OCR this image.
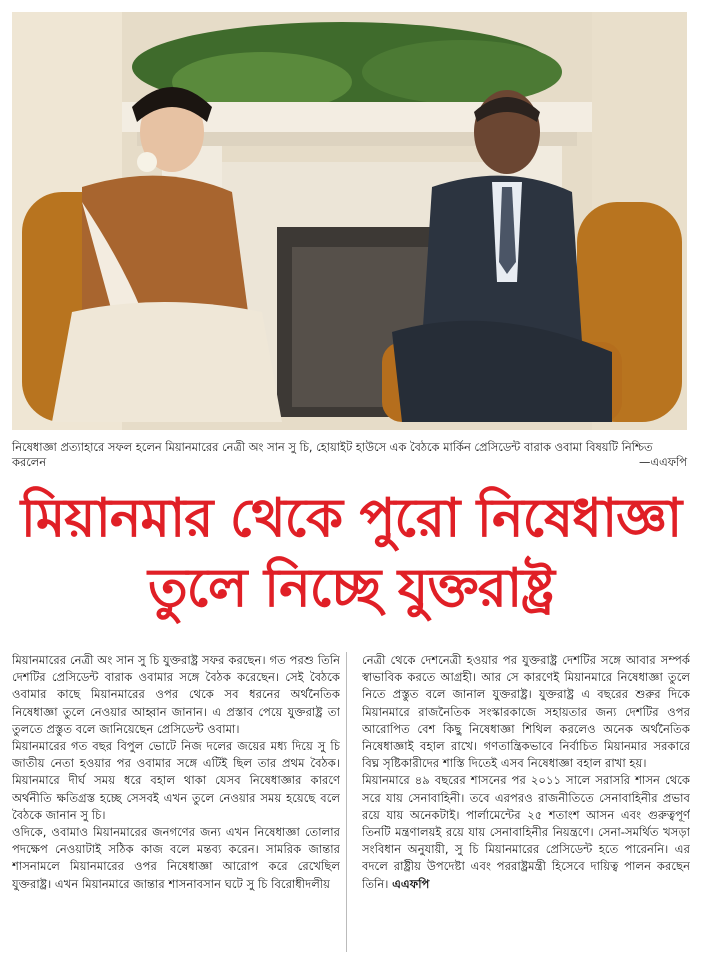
নিষেধাজ্ঞা প্রত্যাহারে সফল হলেন মিয়ানমারের নেত্রী অং সান সু চি, হোয়াইট হাউসে এক বৈঠকে মার্কিন প্রেসিডেন্ট বারাক ওবামা বিষয়টি নিশ্চিত করলেন	—এএফপি
মিয়ানমার থেকে পুরো নিষেধাজ্ঞা
তুলে নিচ্ছে যুক্তরাষ্ট্র

মিয়ানমারের নেত্রী অং সান সু চি যুক্তরাষ্ট্র সফর করছেন। গত পরশু তিনি দেশটির প্রেসিডেন্ট বারাক ওবামার সঙ্গে বৈঠক করেছেন। সেই বৈঠকে ওবামার কাছে মিয়ানমারের ওপর থেকে সব ধরনের অর্থনৈতিক নিষেধাজ্ঞা তুলে নেওয়ার আহ্বান জানান। এ প্রস্তাব পেয়ে যুক্তরাষ্ট্র তা তুলতে প্রস্তুত বলে জানিয়েছেন প্রেসিডেন্ট ওবামা।

মিয়ানমারের গত বছর বিপুল ভোটে নিজ দলের জয়ের মধ্য দিয়ে সু চি জাতীয় নেতা হওয়ার পর ওবামার সঙ্গে এটিই ছিল তার প্রথম বৈঠক। মিয়ানমারে দীর্ঘ সময় ধরে বহাল থাকা যেসব নিষেধাজ্ঞার কারণে অর্থনীতি ক্ষতিগ্রস্ত হচ্ছে সেসবই এখন তুলে নেওয়ার সময় হয়েছে বলে বৈঠকে জানান সু চি।

ওদিকে, ওবামাও মিয়ানমারের জনগণের জন্য এখন নিষেধাজ্ঞা তোলার পদক্ষেপ নেওয়াটাই সঠিক কাজ বলে মন্তব্য করেন। সামরিক জান্তার শাসনামলে মিয়ানমারের ওপর নিষেধাজ্ঞা আরোপ করে রেখেছিল যুক্তরাষ্ট্র। এখন মিয়ানমারে জান্তার শাসনাবসান ঘটে সু চি বিরোধীদলীয়

নেত্রী থেকে দেশনেত্রী হওয়ার পর যুক্তরাষ্ট্র দেশটির সঙ্গে আবার সম্পর্ক স্বাভাবিক করতে আগ্রহী। আর সে কারণেই মিয়ানমারে নিষেধাজ্ঞা তুলে নিতে প্রস্তুত বলে জানাল যুক্তরাষ্ট্র। যুক্তরাষ্ট্র এ বছরের শুরুর দিকে মিয়ানমারে রাজনৈতিক সংস্কারকাজে সহায়তার জন্য দেশটির ওপর আরোপিত বেশ কিছু নিষেধাজ্ঞা শিথিল করলেও অনেক অর্থনৈতিক নিষেধাজ্ঞাই বহাল রাখে। গণতান্ত্রিকভাবে নির্বাচিত মিয়ানমার সরকারে বিঘ্ন সৃষ্টিকারীদের শাস্তি দিতেই এসব নিষেধাজ্ঞা বহাল রাখা হয়।

মিয়ানমারে ৪৯ বছরের শাসনের পর ২০১১ সালে সরাসরি শাসন থেকে সরে যায় সেনাবাহিনী। তবে এরপরও রাজনীতিতে সেনাবাহিনীর প্রভাব রয়ে যায় অনেকটাই। পার্লামেন্টের ২৫ শতাংশ আসন এবং গুরুত্বপূর্ণ তিনটি মন্ত্রণালয়ই রয়ে যায় সেনাবাহিনীর নিয়ন্ত্রণে। সেনা-সমর্থিত খসড়া সংবিধান অনুযায়ী, সু চি মিয়ানমারের প্রেসিডেন্ট হতে পারেননি। এর বদলে রাষ্ট্রীয় উপদেষ্টা এবং পররাষ্ট্রমন্ত্রী হিসেবে দায়িত্ব পালন করছেন তিনি। এএফপি
